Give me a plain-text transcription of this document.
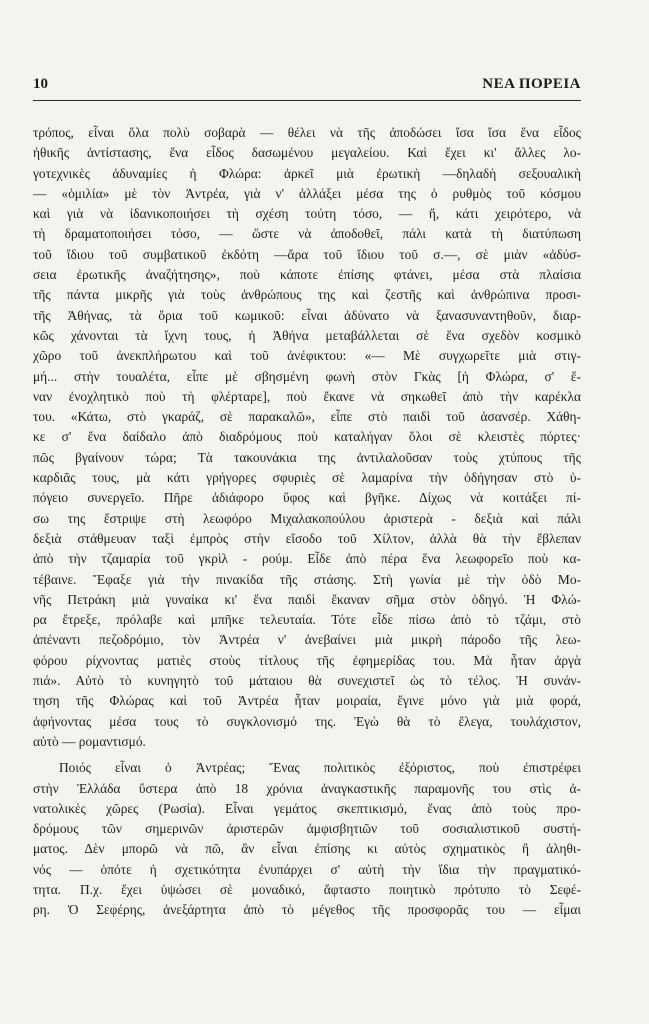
10	ΝΕΑ ΠΟΡΕΙΑ
τρόπος, εἶναι ὅλα πολὺ σοβαρὰ — θέλει νὰ τῆς ἀποδώσει ἴσα ἴσα ἕνα εἶδος
ἠθικῆς ἀντίστασης, ἕνα εἶδος δασωμένου μεγαλείου. Καὶ ἔχει κι' ἄλλες λο-
γοτεχνικὲς ἀδυναμίες ἡ Φλώρα: ἀρκεῖ μιὰ ἐρωτικὴ —δηλαδὴ σεξουαλικὴ
— «ὁμιλία» μὲ τὸν Ἀντρέα, γιὰ ν' ἀλλάξει μέσα της ὁ ρυθμὸς τοῦ κόσμου
καὶ γιὰ νὰ ἰδανικοποιήσει τὴ σχέση τούτη τόσο, — ἤ, κάτι χειρότερο, νὰ
τὴ δραματοποιήσει τόσο, — ὥστε νὰ ἀποδοθεῖ, πάλι κατὰ τὴ διατύπωση
τοῦ ἴδιου τοῦ συμβατικοῦ ἐκδότη —ἄρα τοῦ ἴδιου τοῦ σ.—, σὲ μιὰν «ἀδύσ-
σεια ἐρωτικῆς ἀναζήτησης», ποὺ κάποτε ἐπίσης φτάνει, μέσα στὰ πλαίσια
τῆς πάντα μικρῆς γιὰ τοὺς ἀνθρώπους της καὶ ζεστῆς καὶ ἀνθρώπινα προσι-
τῆς Ἀθήνας, τὰ ὅρια τοῦ κωμικοῦ: εἶναι ἀδύνατο νὰ ξανασυναντηθοῦν, διαρ-
κῶς χάνονται τὰ ἴχνη τους, ἡ Ἀθήνα μεταβάλλεται σὲ ἕνα σχεδὸν κοσμικὸ
χῶρο τοῦ ἀνεκπλήρωτου καὶ τοῦ ἀνέφικτου: «— Μὲ συγχωρεῖτε μιὰ στιγ-
μή... στὴν τουαλέτα, εἶπε μὲ σβησμένη φωνὴ στὸν Γκὰς [ἡ Φλώρα, σ' ἕ-
ναν ἐνοχλητικὸ ποὺ τὴ φλέρταρε], ποὺ ἔκανε νὰ σηκωθεῖ ἀπὸ τὴν καρέκλα
του. «Κάτω, στὸ γκαράζ, σὲ παρακαλῶ», εἶπε στὸ παιδὶ τοῦ ἀσανσέρ. Χάθη-
κε σ' ἕνα δαίδαλο ἀπὸ διαδρόμους ποὺ καταλήγαν ὅλοι σὲ κλειστὲς πόρτες·
πῶς βγαίνουν τώρα; Τὰ τακουνάκια της ἀντιλαλοῦσαν τοὺς χτύπους τῆς
καρδιᾶς τους, μὰ κάτι γρήγορες σφυριὲς σὲ λαμαρίνα τὴν ὁδήγησαν στὸ ὑ-
πόγειο συνεργεῖο. Πῆρε ἀδιάφορο ὕφος καὶ βγῆκε. Δίχως νὰ κοιτάξει πί-
σω της ἔστριψε στὴ λεωφόρο Μιχαλακοπούλου ἀριστερὰ - δεξιὰ καὶ πάλι
δεξιὰ στάθμευαν ταξὶ ἐμπρὸς στὴν εἴσοδο τοῦ Χίλτον, ἀλλὰ θὰ τὴν ἔβλεπαν
ἀπὸ τὴν τζαμαρία τοῦ γκρὶλ - ρούμ. Εἶδε ἀπὸ πέρα ἕνα λεωφορεῖο ποὺ κα-
τέβαινε. Ἔφαξε γιὰ τὴν πινακίδα τῆς στάσης. Στὴ γωνία μὲ τὴν ὁδὸ Μο-
νῆς Πετράκη μιὰ γυναίκα κι' ἕνα παιδὶ ἔκαναν σῆμα στὸν ὁδηγό. Ἡ Φλώ-
ρα ἔτρεξε, πρόλαβε καὶ μπῆκε τελευταία. Τότε εἶδε πίσω ἀπὸ τὸ τζάμι, στὸ
ἀπέναντι πεζοδρόμιο, τὸν Ἀντρέα ν' ἀνεβαίνει μιὰ μικρὴ πάροδο τῆς λεω-
φόρου ρίχνοντας ματιὲς στοὺς τίτλους τῆς ἐφημερίδας του. Μὰ ἦταν ἀργὰ
πιά». Αὐτὸ τὸ κυνηγητὸ τοῦ μάταιου θὰ συνεχιστεῖ ὡς τὸ τέλος. Ἡ συνάν-
τηση τῆς Φλώρας καὶ τοῦ Ἀντρέα ἦταν μοιραία, ἔγινε μόνο γιὰ μιὰ φορά,
ἀφήνοντας μέσα τους τὸ συγκλονισμό της. Ἐγὼ θὰ τὸ ἔλεγα, τουλάχιστον,
αὐτὸ — ρομαντισμό.
Ποιός εἶναι ὁ Ἀντρέας; Ἕνας πολιτικὸς ἐξόριστος, ποὺ ἐπιστρέφει
στὴν Ἑλλάδα ὕστερα ἀπὸ 18 χρόνια ἀναγκαστικῆς παραμονῆς του στὶς ἀ-
νατολικὲς χῶρες (Ρωσία). Εἶναι γεμάτος σκεπτικισμό, ἕνας ἀπὸ τοὺς προ-
δρόμους τῶν σημερινῶν ἀριστερῶν ἀμφισβητιῶν τοῦ σοσιαλιστικοῦ συστή-
ματος. Δὲν μπορῶ νὰ πῶ, ἂν εἶναι ἐπίσης κι αὐτὸς σχηματικὸς ἢ ἀληθι-
νός — ὁπότε ἡ σχετικότητα ἐνυπάρχει σ' αὐτὴ τὴν ἴδια τὴν πραγματικό-
τητα. Π.χ. ἔχει ὑψώσει σὲ μοναδικό, ἄφταστο ποιητικὸ πρότυπο τὸ Σεφέ-
ρη. Ὁ Σεφέρης, ἀνεξάρτητα ἀπὸ τὸ μέγεθος τῆς προσφορᾶς του — εἶμαι
